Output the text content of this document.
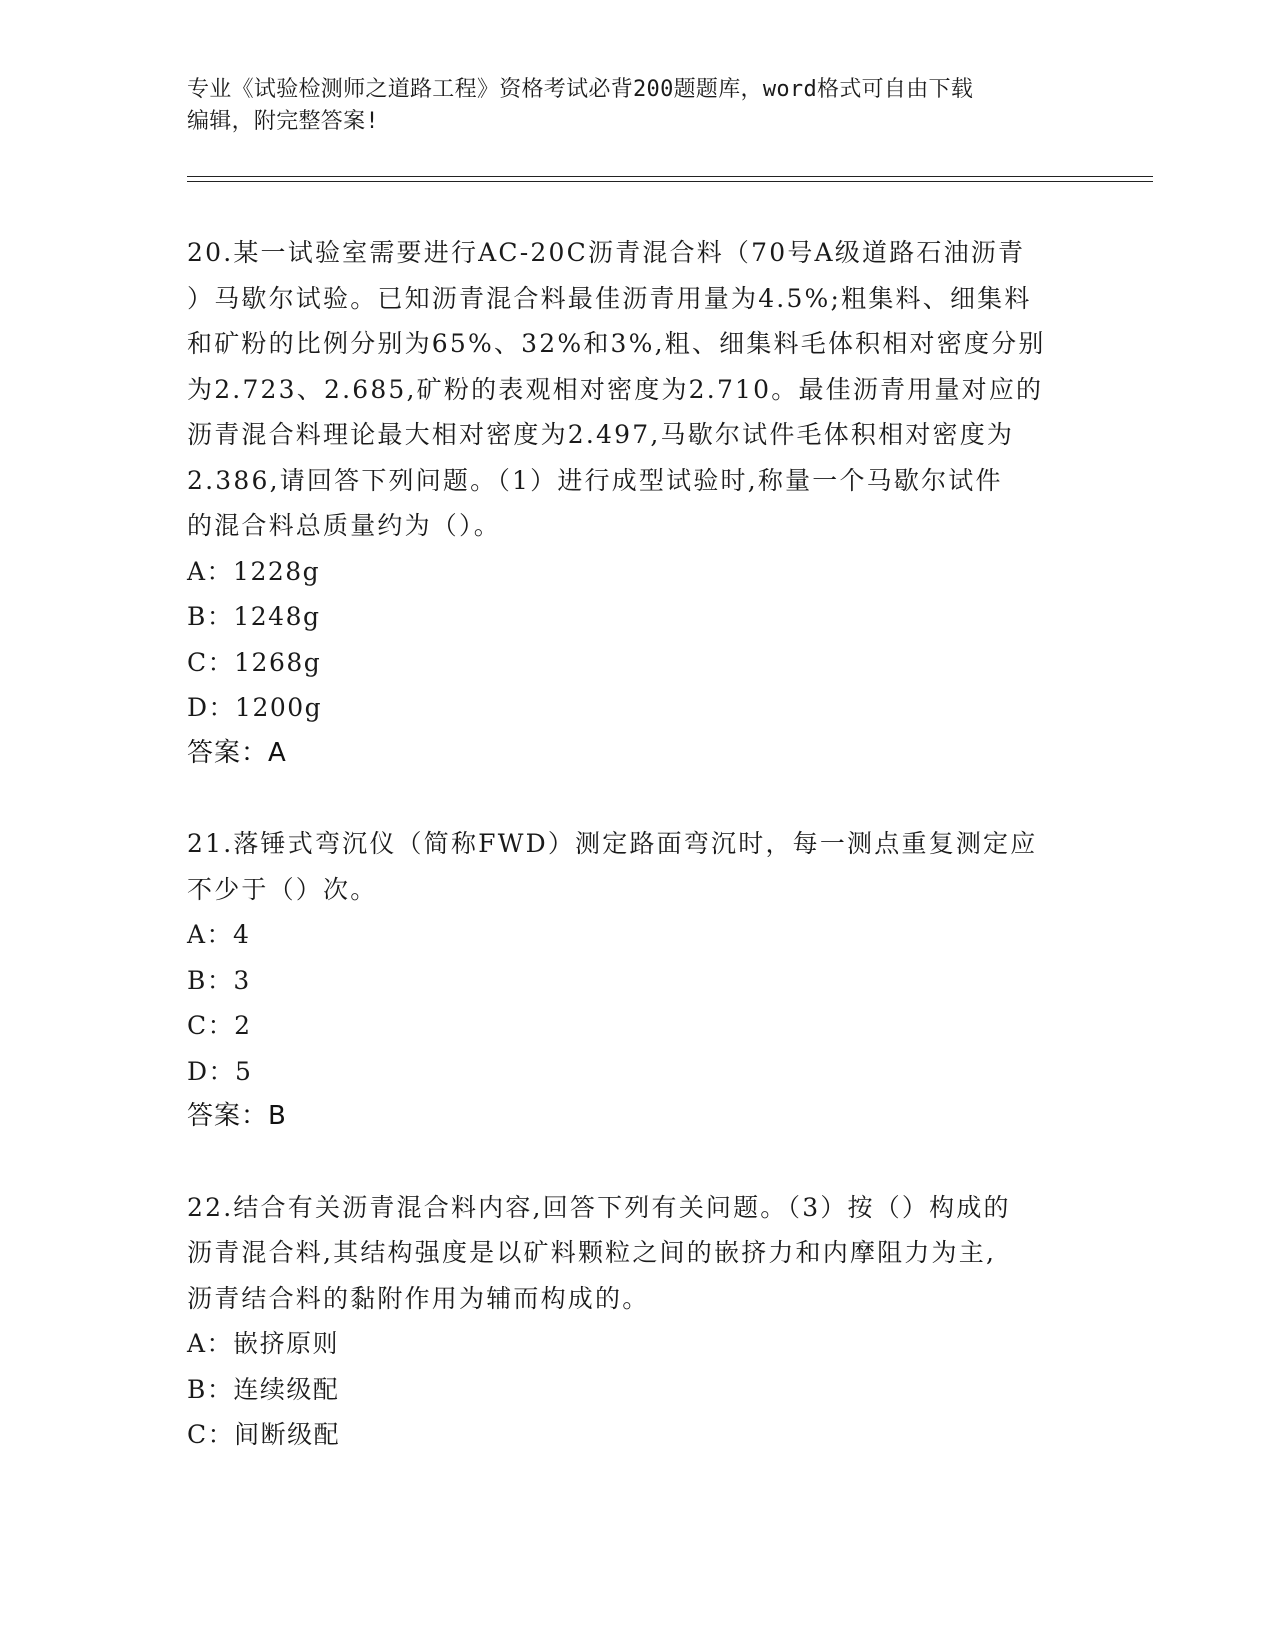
专业《试验检测师之道路工程》资格考试必背200题题库，word格式可自由下载
编辑，附完整答案!
20.某一试验室需要进行AC-20C沥青混合料（70号A级道路石油沥青
）马歇尔试验。已知沥青混合料最佳沥青用量为4.5%;粗集料、细集料
和矿粉的比例分别为65%、32%和3%,粗、细集料毛体积相对密度分别
为2.723、2.685,矿粉的表观相对密度为2.710。最佳沥青用量对应的
沥青混合料理论最大相对密度为2.497,马歇尔试件毛体积相对密度为
2.386,请回答下列问题。（1）进行成型试验时,称量一个马歇尔试件
的混合料总质量约为（）。
A：1228g
B：1248g
C：1268g
D：1200g
答案：A
21.落锤式弯沉仪（简称FWD）测定路面弯沉时，每一测点重复测定应
不少于（）次。
A：4
B：3
C：2
D：5
答案：B
22.结合有关沥青混合料内容,回答下列有关问题。（3）按（）构成的
沥青混合料,其结构强度是以矿料颗粒之间的嵌挤力和内摩阻力为主,
沥青结合料的黏附作用为辅而构成的。
A：嵌挤原则
B：连续级配
C：间断级配
